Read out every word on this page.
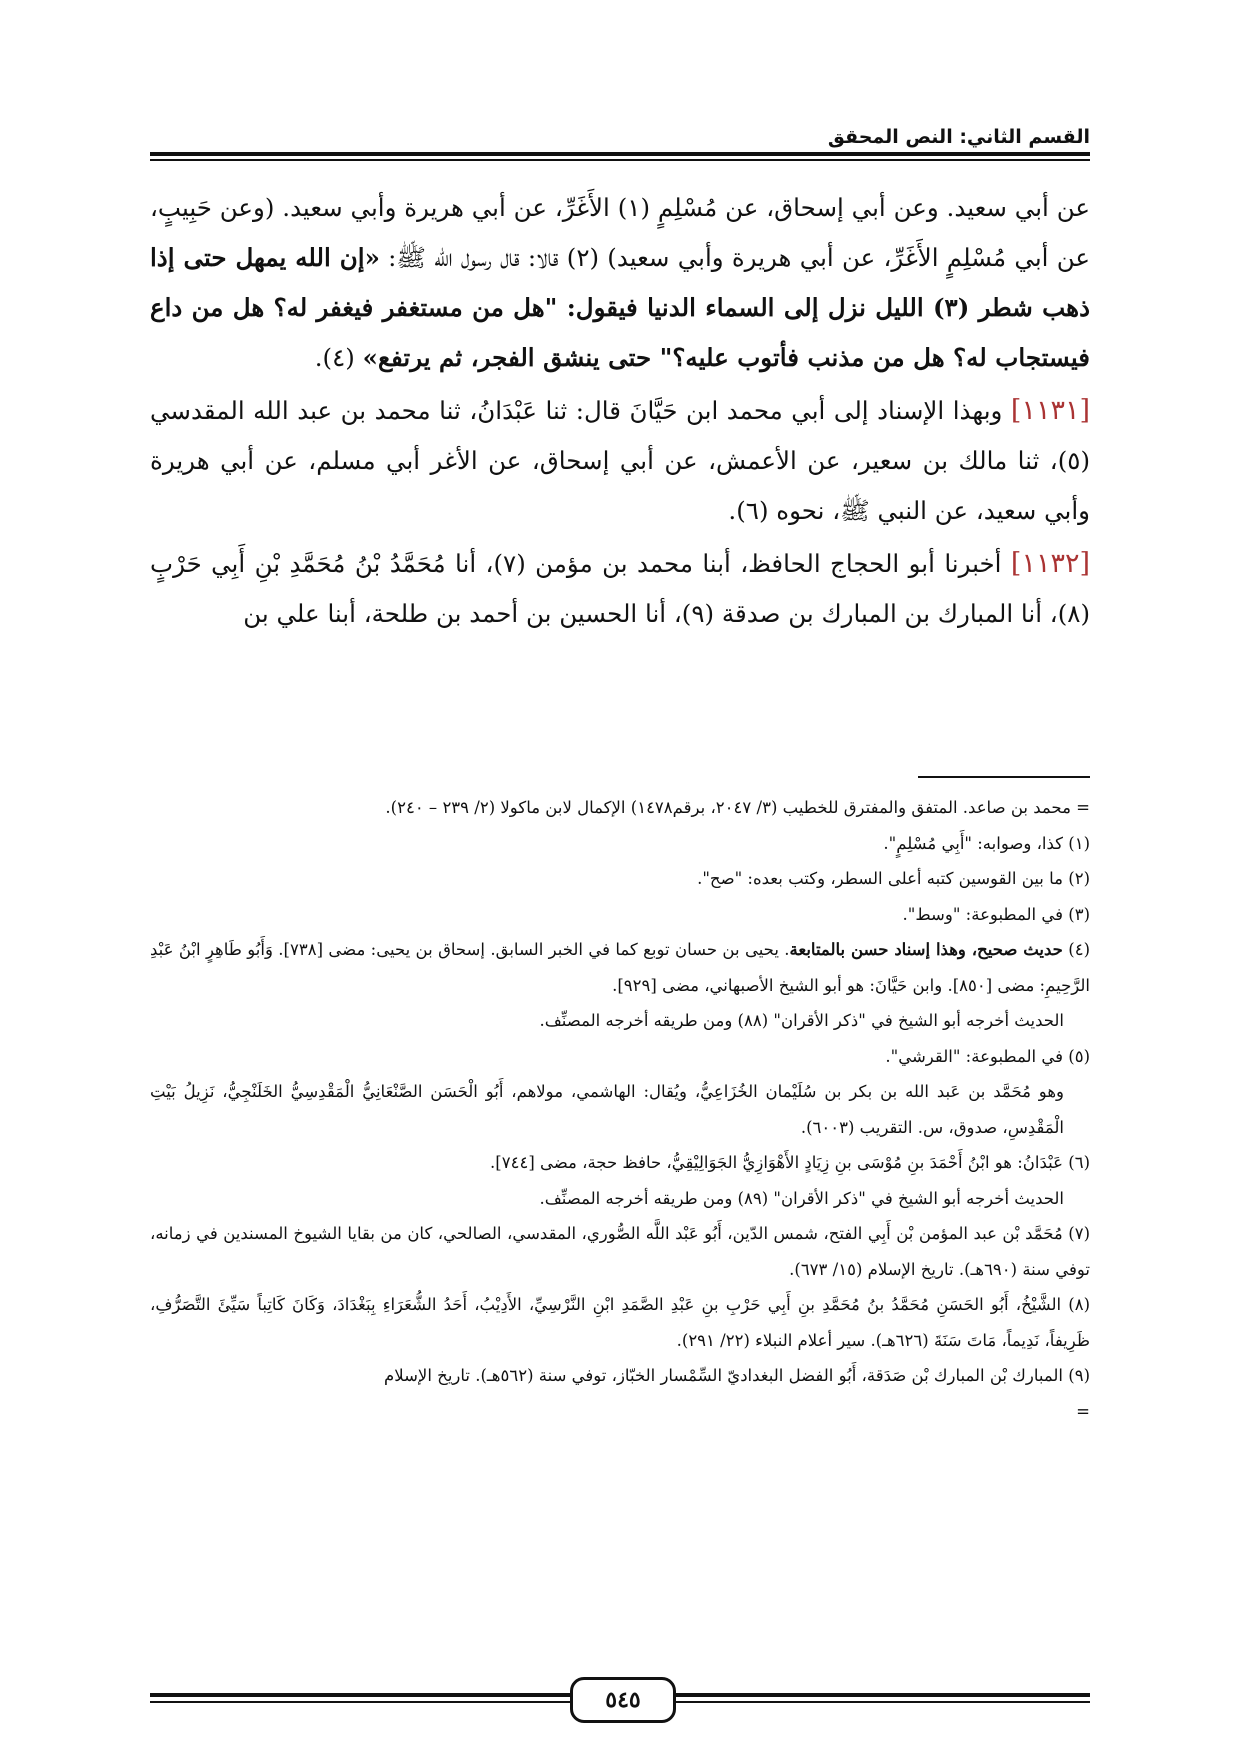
القسم الثاني: النص المحقق

عن أبي سعيد. وعن أبي إسحاق، عن مُسْلِمٍ (١) الأَغَرِّ، عن أبي هريرة وأبي سعيد. (وعن حَبِيبٍ، عن أبي مُسْلِمٍ الأَغَرِّ، عن أبي هريرة وأبي سعيد) (٢) قالا: قال رسول الله ﷺ: «إن الله يمهل حتى إذا ذهب شطر (٣) الليل نزل إلى السماء الدنيا فيقول: "هل من مستغفر فيغفر له؟ هل من داع فيستجاب له؟ هل من مذنب فأتوب عليه؟" حتى ينشق الفجر، ثم يرتفع» (٤).

[١١٣١] وبهذا الإسناد إلى أبي محمد ابن حَيَّانَ قال: ثنا عَبْدَانُ، ثنا محمد بن عبد الله المقدسي (٥)، ثنا مالك بن سعير، عن الأعمش، عن أبي إسحاق، عن الأغر أبي مسلم، عن أبي هريرة وأبي سعيد، عن النبي ﷺ، نحوه (٦).

[١١٣٢] أخبرنا أبو الحجاج الحافظ، أبنا محمد بن مؤمن (٧)، أنا مُحَمَّدُ بْنُ مُحَمَّدِ بْنِ أَبِي حَرْبٍ (٨)، أنا المبارك بن المبارك بن صدقة (٩)، أنا الحسين بن أحمد بن طلحة، أبنا علي بن

= محمد بن صاعد. المتفق والمفترق للخطيب (٣/ ٢٠٤٧، برقم١٤٧٨) الإكمال لابن ماكولا (٢/ ٢٣٩ – ٢٤٠).

(١) كذا، وصوابه: "أَبِي مُسْلِمٍ".

(٢) ما بين القوسين كتبه أعلى السطر، وكتب بعده: "صح".

(٣) في المطبوعة: "وسط".

(٤) حديث صحيح، وهذا إسناد حسن بالمتابعة. يحيى بن حسان توبع كما في الخبر السابق. إسحاق بن يحيى: مضى [٧٣٨]. وَأَبُو طَاهِرٍ ابْنُ عَبْدِ الرَّحِيمِ: مضى [٨٥٠]. وابن حَيَّانَ: هو أبو الشيخ الأصبهاني، مضى [٩٢٩].

الحديث أخرجه أبو الشيخ في "ذكر الأقران" (٨٨) ومن طريقه أخرجه المصنِّف.

(٥) في المطبوعة: "القرشي".

وهو مُحَمَّد بن عَبد الله بن بكر بن سُلَيْمان الخُزَاعِيُّ، ويُقال: الهاشمي، مولاهم، أَبُو الْحَسَن الصَّنْعَانِيُّ الْمَقْدِسِيُّ الخَلَنْجِيُّ، نَزِيلُ بَيْتِ الْمَقْدِسِ، صدوق، س. التقريب (٦٠٠٣).

(٦) عَبْدَانُ: هو ابْنُ أَحْمَدَ بنِ مُوْسَى بنِ زِيَادٍ الأَهْوَازِيُّ الجَوَالِيْقِيُّ، حافظ حجة، مضى [٧٤٤].

الحديث أخرجه أبو الشيخ في "ذكر الأقران" (٨٩) ومن طريقه أخرجه المصنِّف.

(٧) مُحَمَّد بْن عبد المؤمن بْن أَبِي الفتح، شمس الدّين، أَبُو عَبْد اللَّه الصُّوري، المقدسي، الصالحي، كان من بقايا الشيوخ المسندين في زمانه، توفي سنة (٦٩٠هـ). تاريخ الإسلام (١٥/ ٦٧٣).

(٨) الشَّيْخُ، أَبُو الحَسَنِ مُحَمَّدُ بنُ مُحَمَّدِ بنِ أَبِي حَرْبِ بنِ عَبْدِ الصَّمَدِ ابْنِ النَّرْسِيِّ، الأَدِيْبُ، أَحَدُ الشُّعَرَاءِ بِبَغْدَادَ، وَكَانَ كَاتِباً سَيِّئَ التَّصَرُّفِ، ظَرِيفاً، نَدِيماً، مَاتَ سَنَةَ (٦٢٦هـ). سير أعلام النبلاء (٢٢/ ٢٩١).

(٩) المبارك بْن المبارك بْن صَدَقة، أَبُو الفضل البغداديّ السِّمْسار الخبّاز، توفي سنة (٥٦٢هـ). تاريخ الإسلام

=

٥٤٥
